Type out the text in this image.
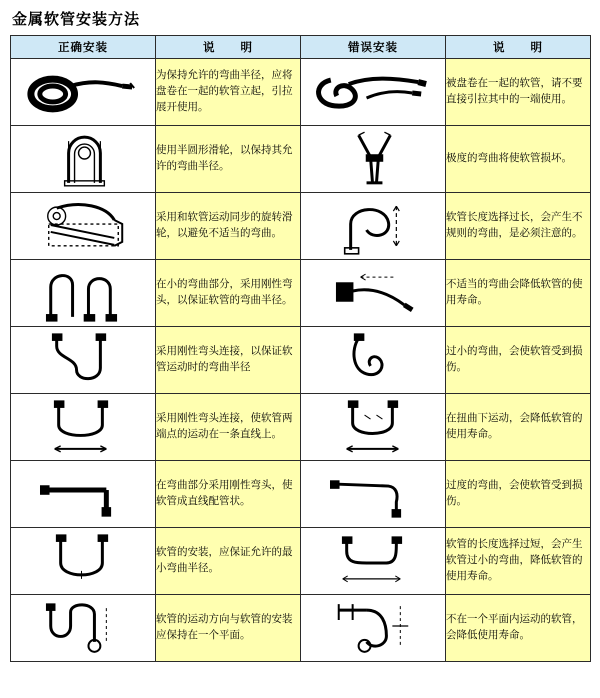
金属软管安装方法
正确安装	说　　明	错误安装	说　　明

	为保持允许的弯曲半径，应将盘卷在一起的软管立起，引拉展开使用。		被盘卷在一起的软管，请不要直接引拉其中的一端使用。

	使用半圆形滑轮，以保持其允许的弯曲半径。		极度的弯曲将使软管损坏。

	采用和软管运动同步的旋转滑轮，以避免不适当的弯曲。		软管长度选择过长，会产生不规则的弯曲，是必须注意的。

	在小的弯曲部分，采用刚性弯头，以保证软管的弯曲半径。		不适当的弯曲会降低软管的使用寿命。

	采用刚性弯头连接，以保证软管运动时的弯曲半径		过小的弯曲，会使软管受到损伤。

	采用刚性弯头连接，使软管两端点的运动在一条直线上。		在扭曲下运动，会降低软管的使用寿命。

	在弯曲部分采用刚性弯头，使软管成直线配管状。		过度的弯曲，会使软管受到损伤。

	软管的安装，应保证允许的最小弯曲半径。		软管的长度选择过短，会产生软管过小的弯曲，降低软管的使用寿命。

	软管的运动方向与软管的安装应保持在一个平面。		不在一个平面内运动的软管，会降低使用寿命。
